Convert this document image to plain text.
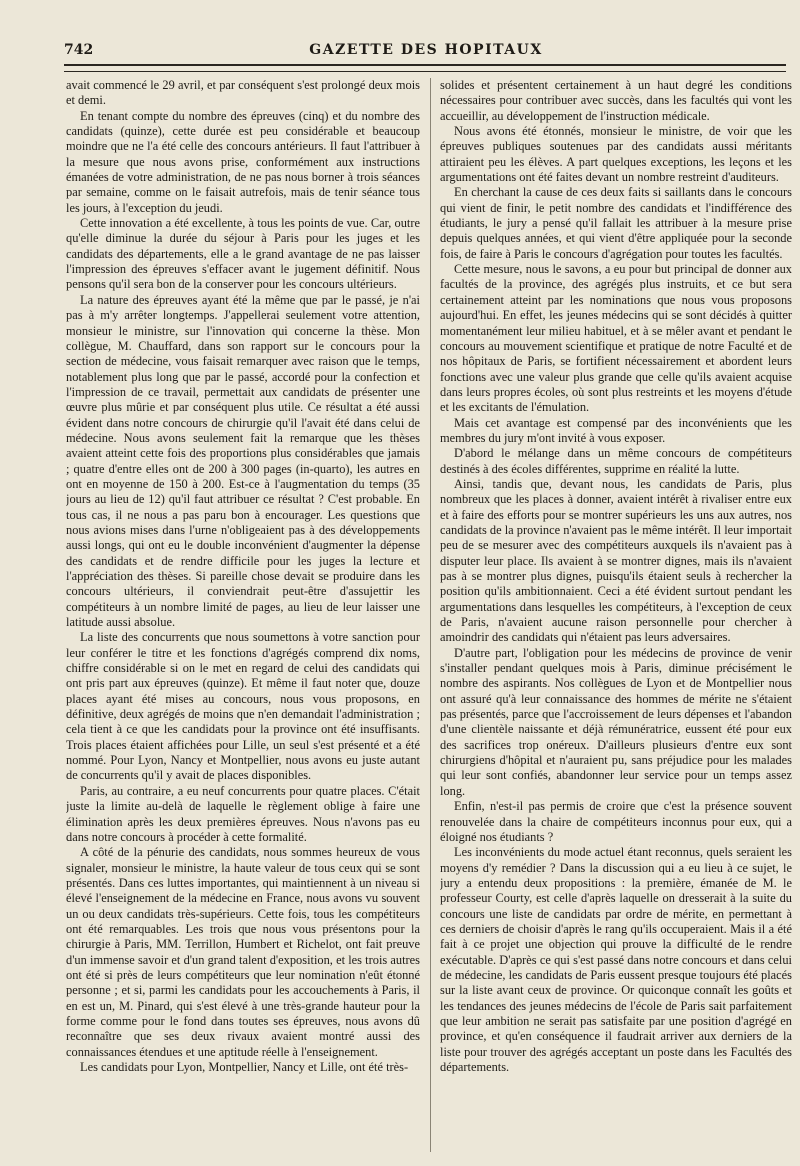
742	GAZETTE DES HOPITAUX

avait commencé le 29 avril, et par conséquent s'est prolongé deux mois et demi.

En tenant compte du nombre des épreuves (cinq) et du nombre des candidats (quinze), cette durée est peu considérable et beaucoup moindre que ne l'a été celle des concours antérieurs. Il faut l'attribuer à la mesure que nous avons prise, conformément aux instructions émanées de votre administration, de ne pas nous borner à trois séances par semaine, comme on le faisait autrefois, mais de tenir séance tous les jours, à l'exception du jeudi.

Cette innovation a été excellente, à tous les points de vue. Car, outre qu'elle diminue la durée du séjour à Paris pour les juges et les candidats des départements, elle a le grand avantage de ne pas laisser l'impression des épreuves s'effacer avant le jugement définitif. Nous pensons qu'il sera bon de la conserver pour les concours ultérieurs.

La nature des épreuves ayant été la même que par le passé, je n'ai pas à m'y arrêter longtemps. J'appellerai seulement votre attention, monsieur le ministre, sur l'innovation qui concerne la thèse. Mon collègue, M. Chauffard, dans son rapport sur le concours pour la section de médecine, vous faisait remarquer avec raison que le temps, notablement plus long que par le passé, accordé pour la confection et l'impression de ce travail, permettait aux candidats de présenter une œuvre plus mûrie et par conséquent plus utile. Ce résultat a été aussi évident dans notre concours de chirurgie qu'il l'avait été dans celui de médecine. Nous avons seulement fait la remarque que les thèses avaient atteint cette fois des proportions plus considérables que jamais ; quatre d'entre elles ont de 200 à 300 pages (in-quarto), les autres en ont en moyenne de 150 à 200. Est-ce à l'augmentation du temps (35 jours au lieu de 12) qu'il faut attribuer ce résultat ? C'est probable. En tous cas, il ne nous a pas paru bon à encourager. Les questions que nous avions mises dans l'urne n'obligeaient pas à des développements aussi longs, qui ont eu le double inconvénient d'augmenter la dépense des candidats et de rendre difficile pour les juges la lecture et l'appréciation des thèses. Si pareille chose devait se produire dans les concours ultérieurs, il conviendrait peut-être d'assujettir les compétiteurs à un nombre limité de pages, au lieu de leur laisser une latitude aussi absolue.

La liste des concurrents que nous soumettons à votre sanction pour leur conférer le titre et les fonctions d'agrégés comprend dix noms, chiffre considérable si on le met en regard de celui des candidats qui ont pris part aux épreuves (quinze). Et même il faut noter que, douze places ayant été mises au concours, nous vous proposons, en définitive, deux agrégés de moins que n'en demandait l'administration ; cela tient à ce que les candidats pour la province ont été insuffisants. Trois places étaient affichées pour Lille, un seul s'est présenté et a été nommé. Pour Lyon, Nancy et Montpellier, nous avons eu juste autant de concurrents qu'il y avait de places disponibles.

Paris, au contraire, a eu neuf concurrents pour quatre places. C'était juste la limite au-delà de laquelle le règlement oblige à faire une élimination après les deux premières épreuves. Nous n'avons pas eu dans notre concours à procéder à cette formalité.

A côté de la pénurie des candidats, nous sommes heureux de vous signaler, monsieur le ministre, la haute valeur de tous ceux qui se sont présentés. Dans ces luttes importantes, qui maintiennent à un niveau si élevé l'enseignement de la médecine en France, nous avons vu souvent un ou deux candidats très-supérieurs. Cette fois, tous les compétiteurs ont été remarquables. Les trois que nous vous présentons pour la chirurgie à Paris, MM. Terrillon, Humbert et Richelot, ont fait preuve d'un immense savoir et d'un grand talent d'exposition, et les trois autres ont été si près de leurs compétiteurs que leur nomination n'eût étonné personne ; et si, parmi les candidats pour les accouchements à Paris, il en est un, M. Pinard, qui s'est élevé à une très-grande hauteur pour la forme comme pour le fond dans toutes ses épreuves, nous avons dû reconnaître que ses deux rivaux avaient montré aussi des connaissances étendues et une aptitude réelle à l'enseignement.

Les candidats pour Lyon, Montpellier, Nancy et Lille, ont été très-

solides et présentent certainement à un haut degré les conditions nécessaires pour contribuer avec succès, dans les facultés qui vont les accueillir, au développement de l'instruction médicale.

Nous avons été étonnés, monsieur le ministre, de voir que les épreuves publiques soutenues par des candidats aussi méritants attiraient peu les élèves. A part quelques exceptions, les leçons et les argumentations ont été faites devant un nombre restreint d'auditeurs.

En cherchant la cause de ces deux faits si saillants dans le concours qui vient de finir, le petit nombre des candidats et l'indifférence des étudiants, le jury a pensé qu'il fallait les attribuer à la mesure prise depuis quelques années, et qui vient d'être appliquée pour la seconde fois, de faire à Paris le concours d'agrégation pour toutes les facultés.

Cette mesure, nous le savons, a eu pour but principal de donner aux facultés de la province, des agrégés plus instruits, et ce but sera certainement atteint par les nominations que nous vous proposons aujourd'hui. En effet, les jeunes médecins qui se sont décidés à quitter momentanément leur milieu habituel, et à se mêler avant et pendant le concours au mouvement scientifique et pratique de notre Faculté et de nos hôpitaux de Paris, se fortifient nécessairement et abordent leurs fonctions avec une valeur plus grande que celle qu'ils avaient acquise dans leurs propres écoles, où sont plus restreints et les moyens d'étude et les excitants de l'émulation.

Mais cet avantage est compensé par des inconvénients que les membres du jury m'ont invité à vous exposer.

D'abord le mélange dans un même concours de compétiteurs destinés à des écoles différentes, supprime en réalité la lutte.

Ainsi, tandis que, devant nous, les candidats de Paris, plus nombreux que les places à donner, avaient intérêt à rivaliser entre eux et à faire des efforts pour se montrer supérieurs les uns aux autres, nos candidats de la province n'avaient pas le même intérêt. Il leur importait peu de se mesurer avec des compétiteurs auxquels ils n'avaient pas à disputer leur place. Ils avaient à se montrer dignes, mais ils n'avaient pas à se montrer plus dignes, puisqu'ils étaient seuls à rechercher la position qu'ils ambitionnaient. Ceci a été évident surtout pendant les argumentations dans lesquelles les compétiteurs, à l'exception de ceux de Paris, n'avaient aucune raison personnelle pour chercher à amoindrir des candidats qui n'étaient pas leurs adversaires.

D'autre part, l'obligation pour les médecins de province de venir s'installer pendant quelques mois à Paris, diminue précisément le nombre des aspirants. Nos collègues de Lyon et de Montpellier nous ont assuré qu'à leur connaissance des hommes de mérite ne s'étaient pas présentés, parce que l'accroissement de leurs dépenses et l'abandon d'une clientèle naissante et déjà rémunératrice, eussent été pour eux des sacrifices trop onéreux. D'ailleurs plusieurs d'entre eux sont chirurgiens d'hôpital et n'auraient pu, sans préjudice pour les malades qui leur sont confiés, abandonner leur service pour un temps assez long.

Enfin, n'est-il pas permis de croire que c'est la présence souvent renouvelée dans la chaire de compétiteurs inconnus pour eux, qui a éloigné nos étudiants ?

Les inconvénients du mode actuel étant reconnus, quels seraient les moyens d'y remédier ? Dans la discussion qui a eu lieu à ce sujet, le jury a entendu deux propositions : la première, émanée de M. le professeur Courty, est celle d'après laquelle on dresserait à la suite du concours une liste de candidats par ordre de mérite, en permettant à ces derniers de choisir d'après le rang qu'ils occuperaient. Mais il a été fait à ce projet une objection qui prouve la difficulté de le rendre exécutable. D'après ce qui s'est passé dans notre concours et dans celui de médecine, les candidats de Paris eussent presque toujours été placés sur la liste avant ceux de province. Or quiconque connaît les goûts et les tendances des jeunes médecins de l'école de Paris sait parfaitement que leur ambition ne serait pas satisfaite par une position d'agrégé en province, et qu'en conséquence il faudrait arriver aux derniers de la liste pour trouver des agrégés acceptant un poste dans les Facultés des départements.
